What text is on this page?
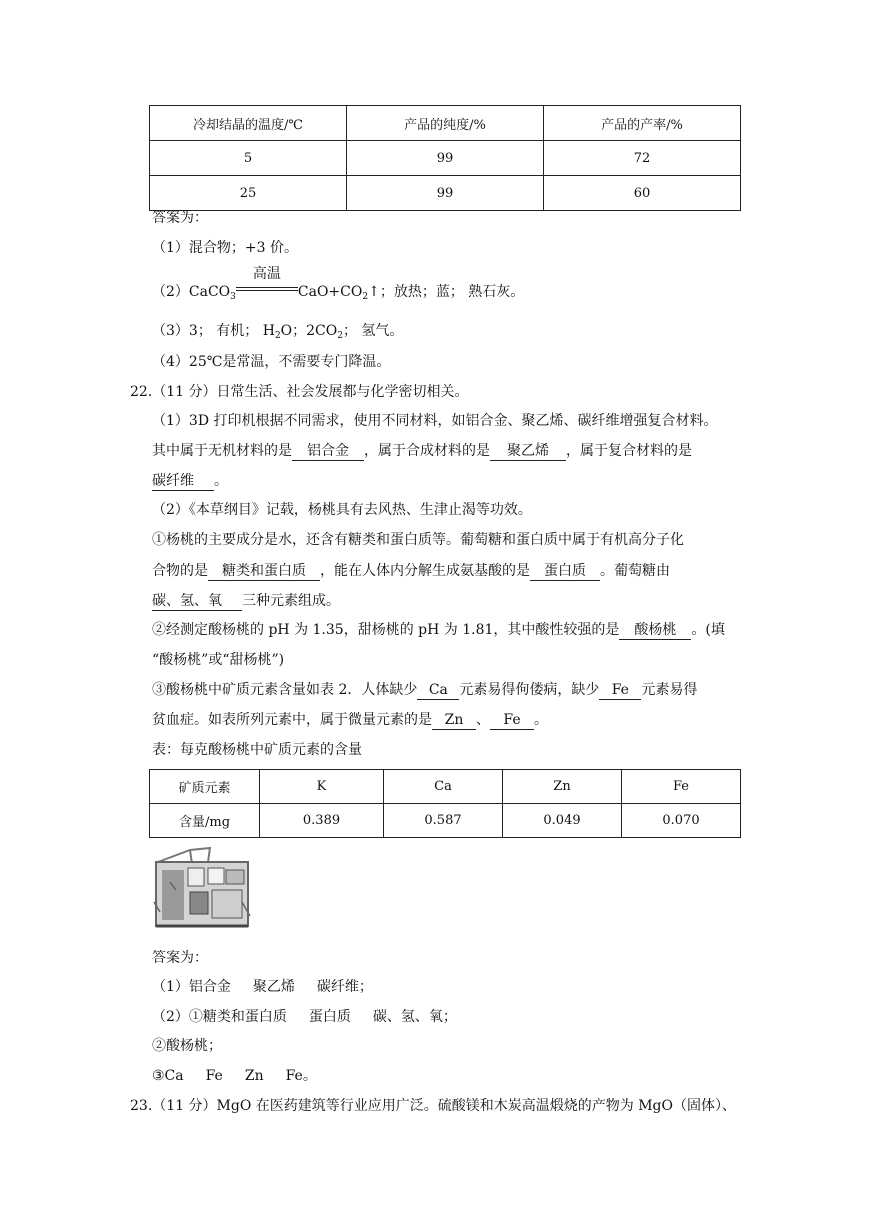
冷却结晶的温度/℃	产品的纯度/%	产品的产率/%
5	99	72
25	99	60
答案为：
（1）混合物；+3 价。
（2）CaCO$_3$
高温
$CaO+CO_2↑$；放热；蓝； 熟石灰。
（3）3； 有机； $H_2O$；$2CO_2$； 氢气。
（4）25℃是常温，不需要专门降温。
22.（11 分）日常生活、社会发展都与化学密切相关。
（1）3D 打印机根据不同需求，使用不同材料，如铝合金、聚乙烯、碳纤维增强复合材料。
其中属于无机材料的是 铝合金 ，属于合成材料的是 聚乙烯 ，属于复合材料的是
碳纤维 。
（2）《本草纲目》记载，杨桃具有去风热、生津止渴等功效。
①杨桃的主要成分是水，还含有糖类和蛋白质等。葡萄糖和蛋白质中属于有机高分子化
合物的是 糖类和蛋白质 ，能在人体内分解生成氨基酸的是 蛋白质 。葡萄糖由
碳、氢、氧 三种元素组成。
②经测定酸杨桃的 pH 为 1.35，甜杨桃的 pH 为 1.81，其中酸性较强的是 酸杨桃 。(填
“酸杨桃”或“甜杨桃”)
③酸杨桃中矿质元素含量如表 2．人体缺少 Ca 元素易得佝偻病，缺少 Fe 元素易得
贫血症。如表所列元素中，属于微量元素的是 Zn 、 Fe 。
表：每克酸杨桃中矿质元素的含量
矿质元素	K	Ca	Zn	Fe
含量/mg	0.389	0.587	0.049	0.070
答案为：
（1）铝合金 聚乙烯 碳纤维；
（2）①糖类和蛋白质 蛋白质 碳、氢、氧；
②酸杨桃；
③Ca Fe Zn Fe。
23.（11 分）MgO 在医药建筑等行业应用广泛。硫酸镁和木炭高温煅烧的产物为 MgO（固体）、
